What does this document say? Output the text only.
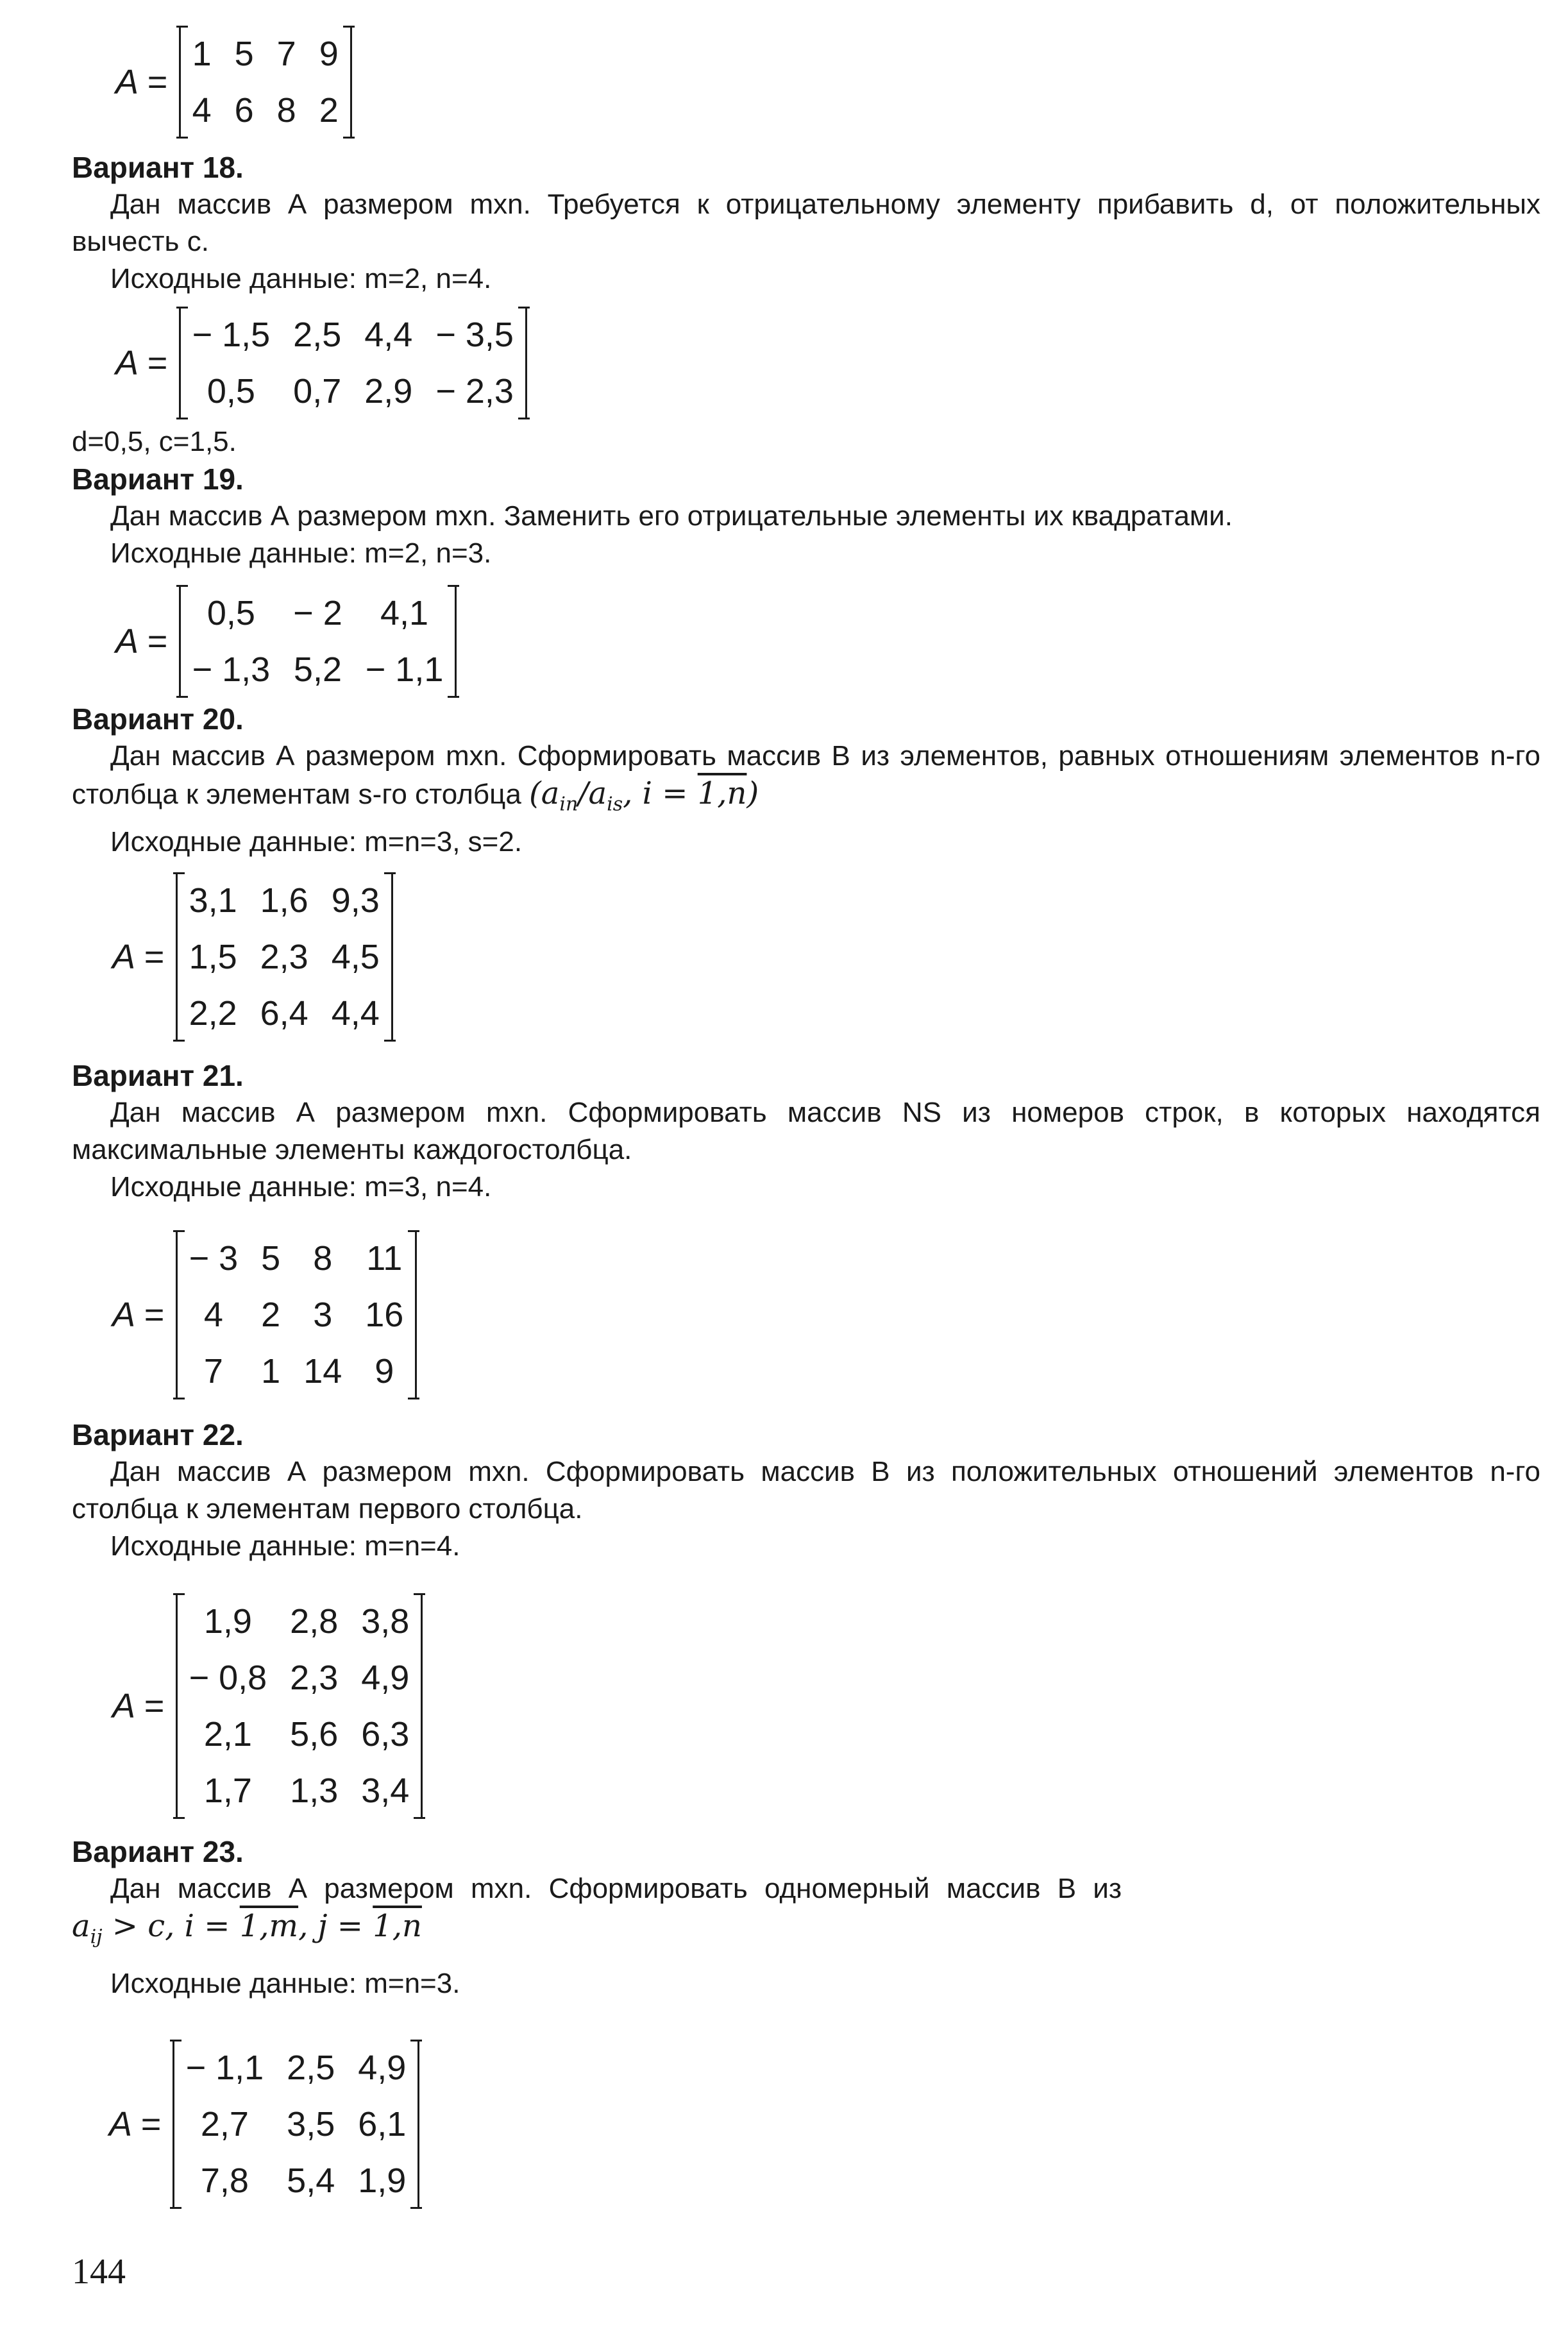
A =
1	5	7	9
4	6	8	2

Вариант 18.

Дан массив А размером mxn. Требуется к отрицательному элементу прибавить d, от положительных вычесть с.

Исходные данные: m=2, n=4.

A =
− 1,5	2,5	4,4	− 3,5
0,5	0,7	2,9	− 2,3

d=0,5, c=1,5.

Вариант 19.

Дан массив А размером mxn. Заменить его отрицательные элементы их квадратами.

Исходные данные: m=2, n=3.

A =
0,5	− 2	4,1
− 1,3	5,2	− 1,1

Вариант 20.

Дан массив А размером mxn. Сформировать массив В из элементов, равных отношениям элементов n-го столбца к элементам s-го столбца ($a_{in}/a_{is}$, i = 1,n)

Исходные данные: m=n=3, s=2.

A =
3,1	1,6	9,3
1,5	2,3	4,5
2,2	6,4	4,4

Вариант 21.

Дан массив А размером mxn. Сформировать массив NS из номеров строк, в которых находятся максимальные элементы каждогостолбца.

Исходные данные: m=3, n=4.

A =
− 3	5	8	11
4	2	3	16
7	1	14	9

Вариант 22.

Дан массив А размером mxn. Сформировать массив В из положительных отношений элементов n-го столбца к элементам первого столбца.

Исходные данные: m=n=4.

A =
1,9	2,8	3,8
− 0,8	2,3	4,9
2,1	5,6	6,3
1,7	1,3	3,4

Вариант 23.

Дан массив А размером mxn. Сформировать одномерный массив В из

$a_{ij} > c$, i = 1,m, j = 1,n

Исходные данные: m=n=3.

A =
− 1,1	2,5	4,9
2,7	3,5	6,1
7,8	5,4	1,9
144
